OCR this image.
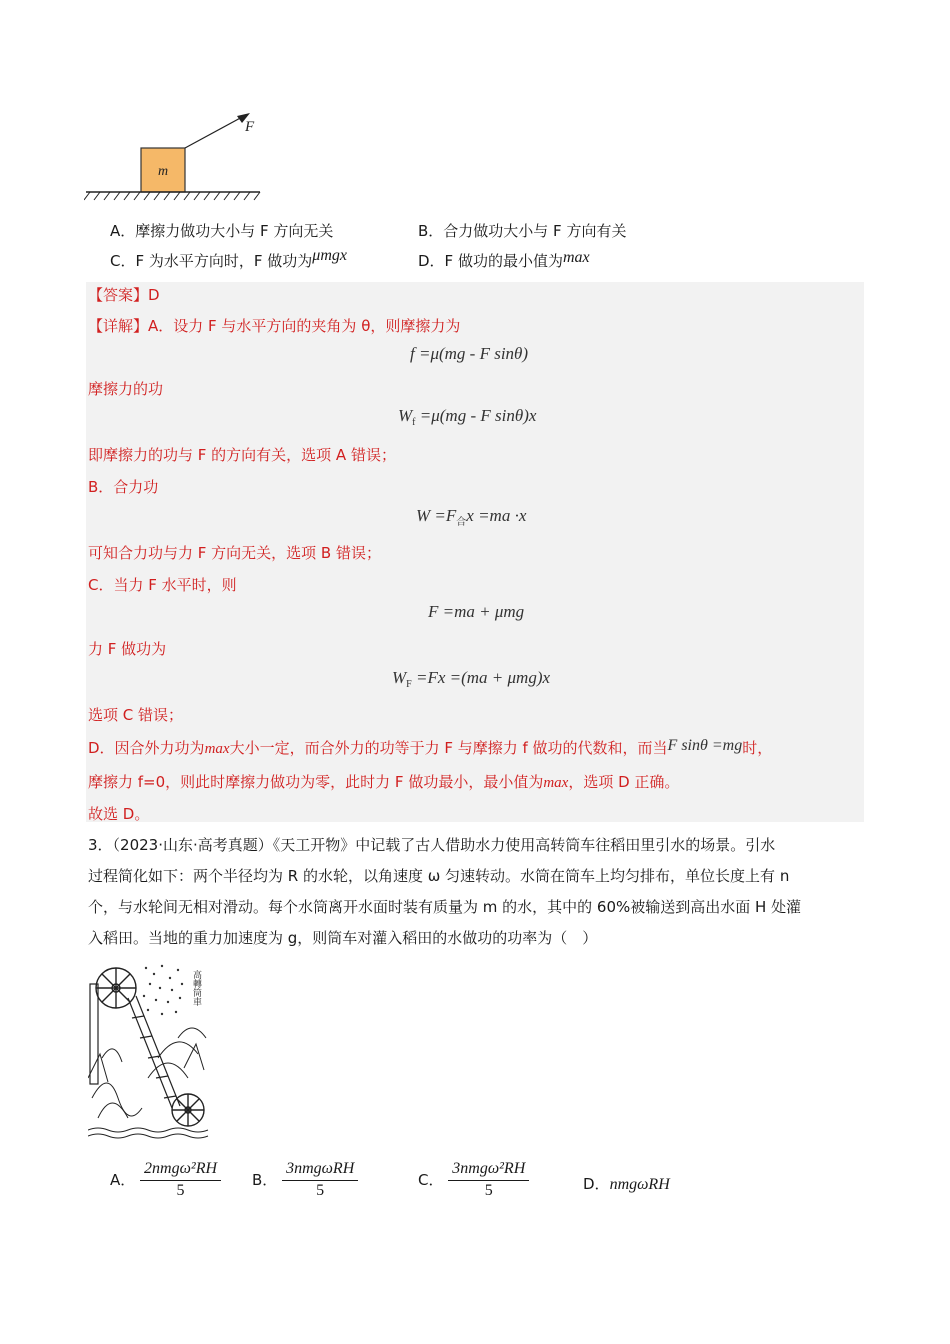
m
F
A．摩擦力做功大小与 F 方向无关	B．合力做功大小与 F 方向有关
C．F 为水平方向时，F 做功为μmgx	D．F 做功的最小值为max
【答案】D
【详解】A．设力 F 与水平方向的夹角为 θ，则摩擦力为
f =μ(mg - F sinθ)
摩擦力的功
$W_f =\mu(mg - F$ sinθ)x
即摩擦力的功与 F 的方向有关，选项 A 错误；
B．合力功
$W =F_合x =ma \cdot x$
可知合力功与力 F 方向无关，选项 B 错误；
C．当力 F 水平时，则
F =ma + μmg
力 F 做功为
$W_F =Fx =(ma + \mu mg)x$
选项 C 错误；
D．因合外力功为max大小一定，而合外力的功等于力 F 与摩擦力 f 做功的代数和，而当F sinθ =mg时，
摩擦力 f=0，则此时摩擦力做功为零，此时力 F 做功最小，最小值为max，选项 D 正确。
故选 D。
3．（2023·山东·高考真题）《天工开物》中记载了古人借助水力使用高转筒车往稻田里引水的场景。引水
过程简化如下：两个半径均为 R 的水轮，以角速度 ω 匀速转动。水筒在筒车上均匀排布，单位长度上有 n
个，与水轮间无相对滑动。每个水筒离开水面时装有质量为 m 的水，其中的 60%被输送到高出水面 H 处灌
入稻田。当地的重力加速度为 g，则筒车对灌入稻田的水做功的功率为（　）
高轉筒車
A． $\frac{\text{2nmgω²RH}}{5}$ B． $\frac{\text{3nmgωRH}}{5}$	C． $\frac{\text{3nmgω²RH}}{5}$	D．nmgωRH
